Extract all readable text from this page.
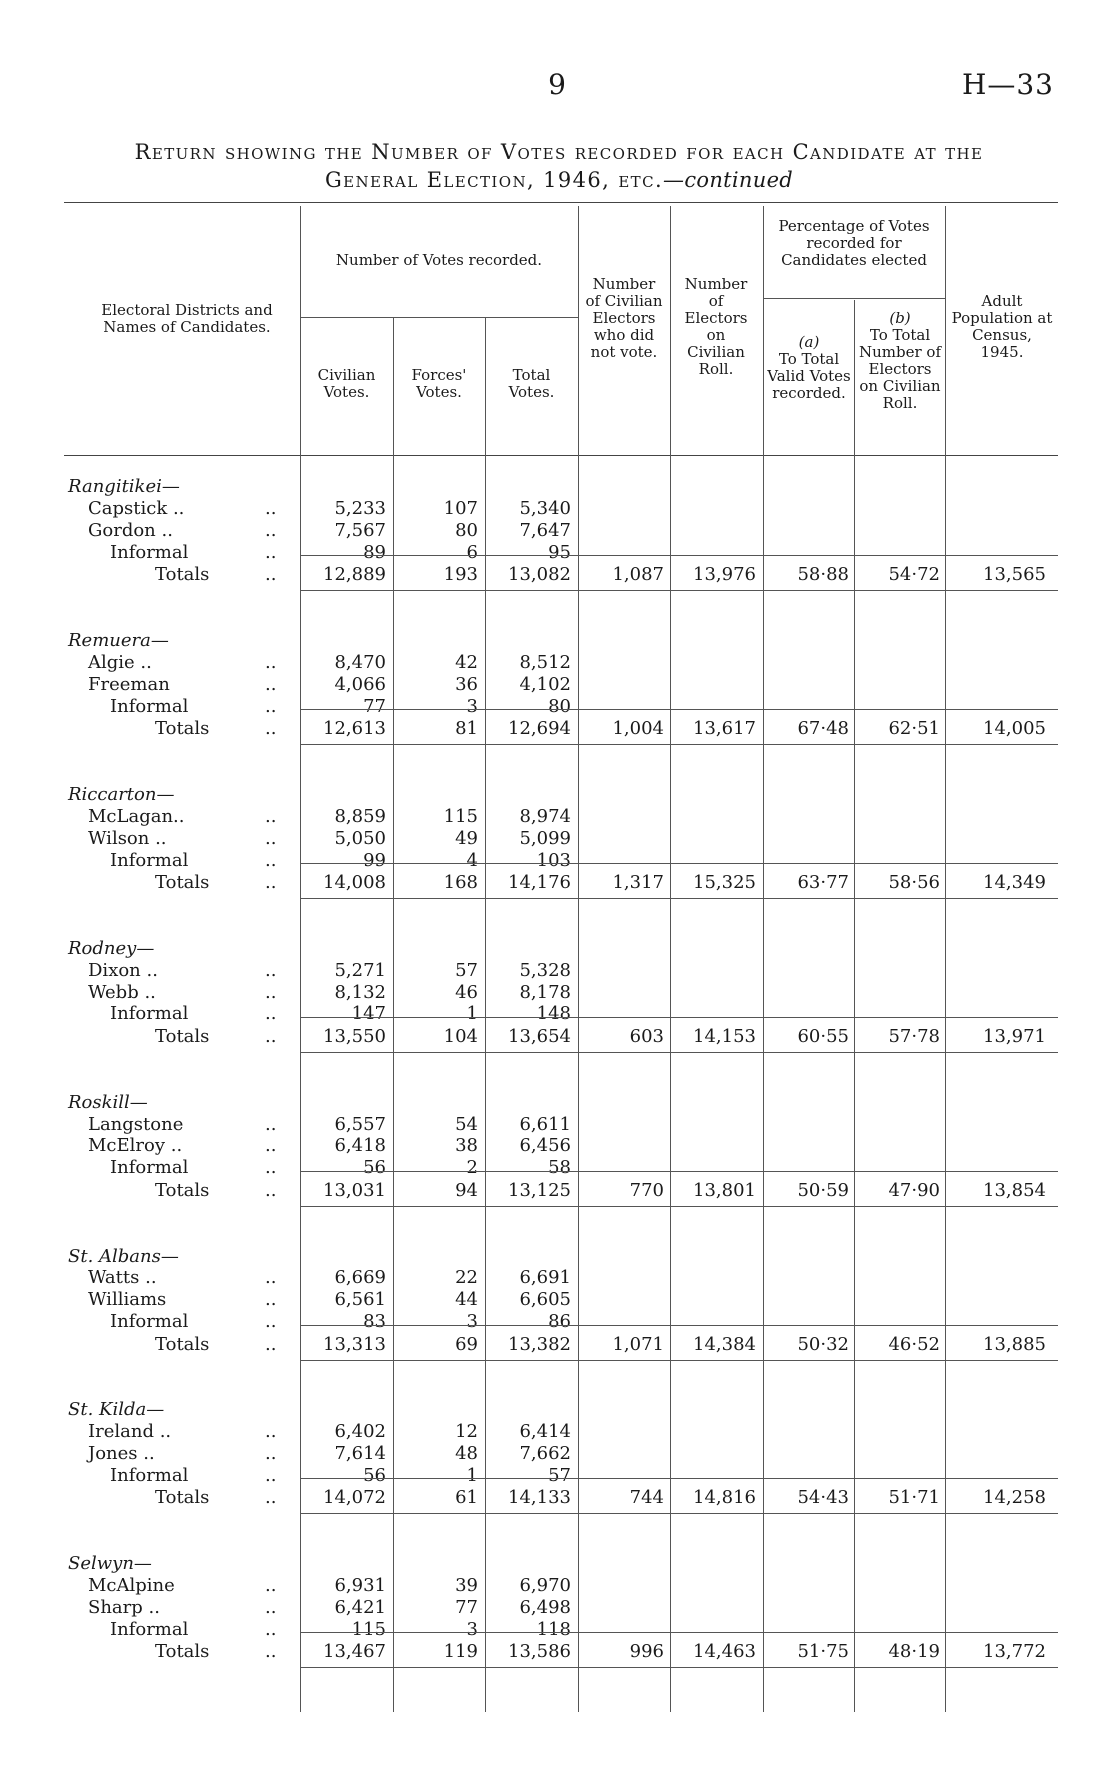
9	H—33
Return showing the Number of Votes recorded for each Candidate at the
General Election, 1946, etc.—continued
Electoral Districts and Names of Candidates.
Number of Votes recorded.
Civilian Votes.
Forces' Votes.
Total Votes.
Number of Civilian Electors who did not vote.
Number of Electors on Civilian Roll.
Percentage of Votes recorded for Candidates elected
(a)
To Total Valid Votes recorded.
(b)
To Total Number of Electors on Civilian Roll.
Adult Population at Census, 1945.
Rangitikei—
Capstick ..	..	5,233	107	5,340
Gordon ..	..	7,567	80	7,647
Informal	..	89	6	95
Totals	..	12,889	193	13,082	1,087	13,976	58·88	54·72	13,565
Remuera—
Algie ..	..	8,470	42	8,512
Freeman	..	4,066	36	4,102
Informal	..	77	3	80
Totals	..	12,613	81	12,694	1,004	13,617	67·48	62·51	14,005
Riccarton—
McLagan..	..	8,859	115	8,974
Wilson ..	..	5,050	49	5,099
Informal	..	99	4	103
Totals	..	14,008	168	14,176	1,317	15,325	63·77	58·56	14,349
Rodney—
Dixon ..	..	5,271	57	5,328
Webb ..	..	8,132	46	8,178
Informal	..	147	1	148
Totals	..	13,550	104	13,654	603	14,153	60·55	57·78	13,971
Roskill—
Langstone	..	6,557	54	6,611
McElroy ..	..	6,418	38	6,456
Informal	..	56	2	58
Totals	..	13,031	94	13,125	770	13,801	50·59	47·90	13,854
St. Albans—
Watts ..	..	6,669	22	6,691
Williams	..	6,561	44	6,605
Informal	..	83	3	86
Totals	..	13,313	69	13,382	1,071	14,384	50·32	46·52	13,885
St. Kilda—
Ireland ..	..	6,402	12	6,414
Jones ..	..	7,614	48	7,662
Informal	..	56	1	57
Totals	..	14,072	61	14,133	744	14,816	54·43	51·71	14,258
Selwyn—
McAlpine	..	6,931	39	6,970
Sharp ..	..	6,421	77	6,498
Informal	..	115	3	118
Totals	..	13,467	119	13,586	996	14,463	51·75	48·19	13,772
